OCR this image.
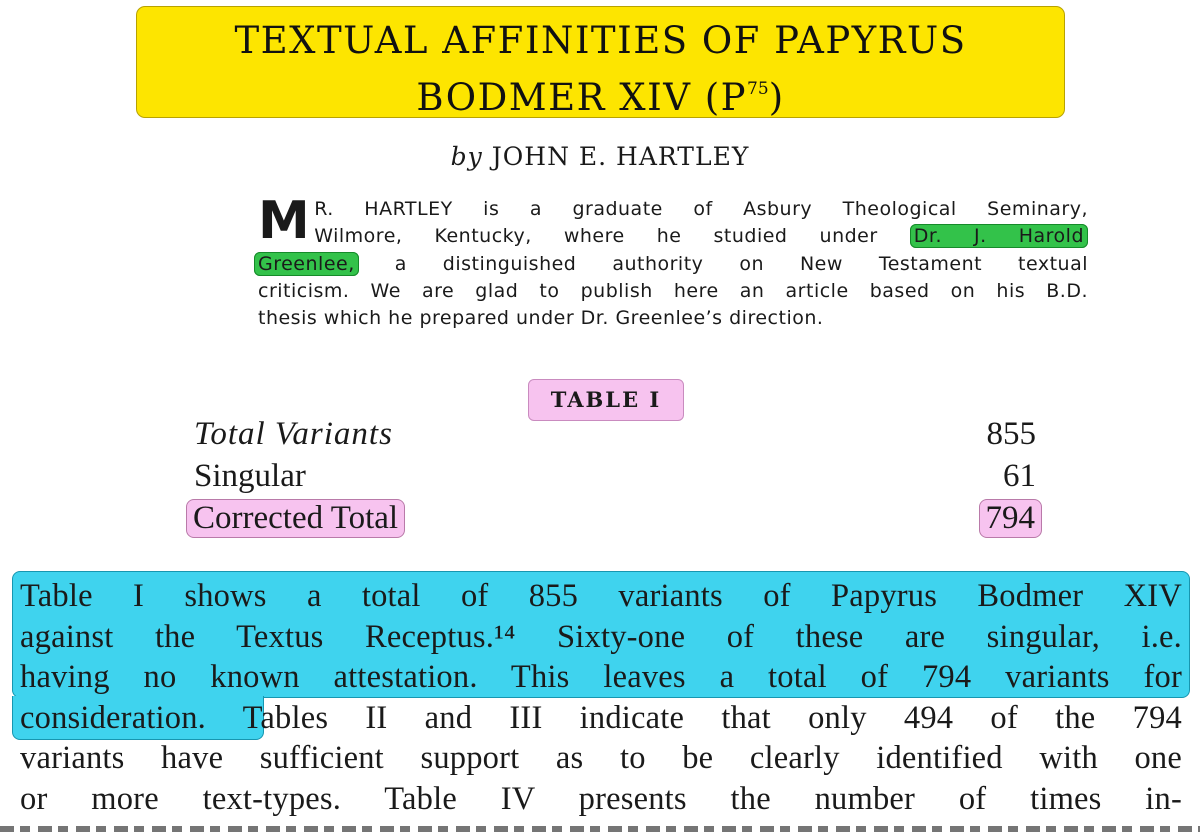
TEXTUAL AFFINITIES OF PAPYRUS
BODMER XIV $(P^{75})$
by JOHN E. HARTLEY
M R. HARTLEY is a graduate of Asbury Theological Seminary,
Wilmore, Kentucky, where he studied under Dr. J. Harold
Greenlee, a distinguished authority on New Testament textual
criticism. We are glad to publish here an article based on his B.D.
thesis which he prepared under Dr. Greenlee’s direction.
TABLE I
Total Variants	855
Singular	61
Corrected Total	794
Table I shows a total of 855 variants of Papyrus Bodmer XIV
against the Textus Receptus.¹⁴ Sixty-one of these are singular, i.e.
having no known attestation. This leaves a total of 794 variants for
consideration. Tables II and III indicate that only 494 of the 794
variants have sufficient support as to be clearly identified with one
or more text-types. Table IV presents the number of times in-
